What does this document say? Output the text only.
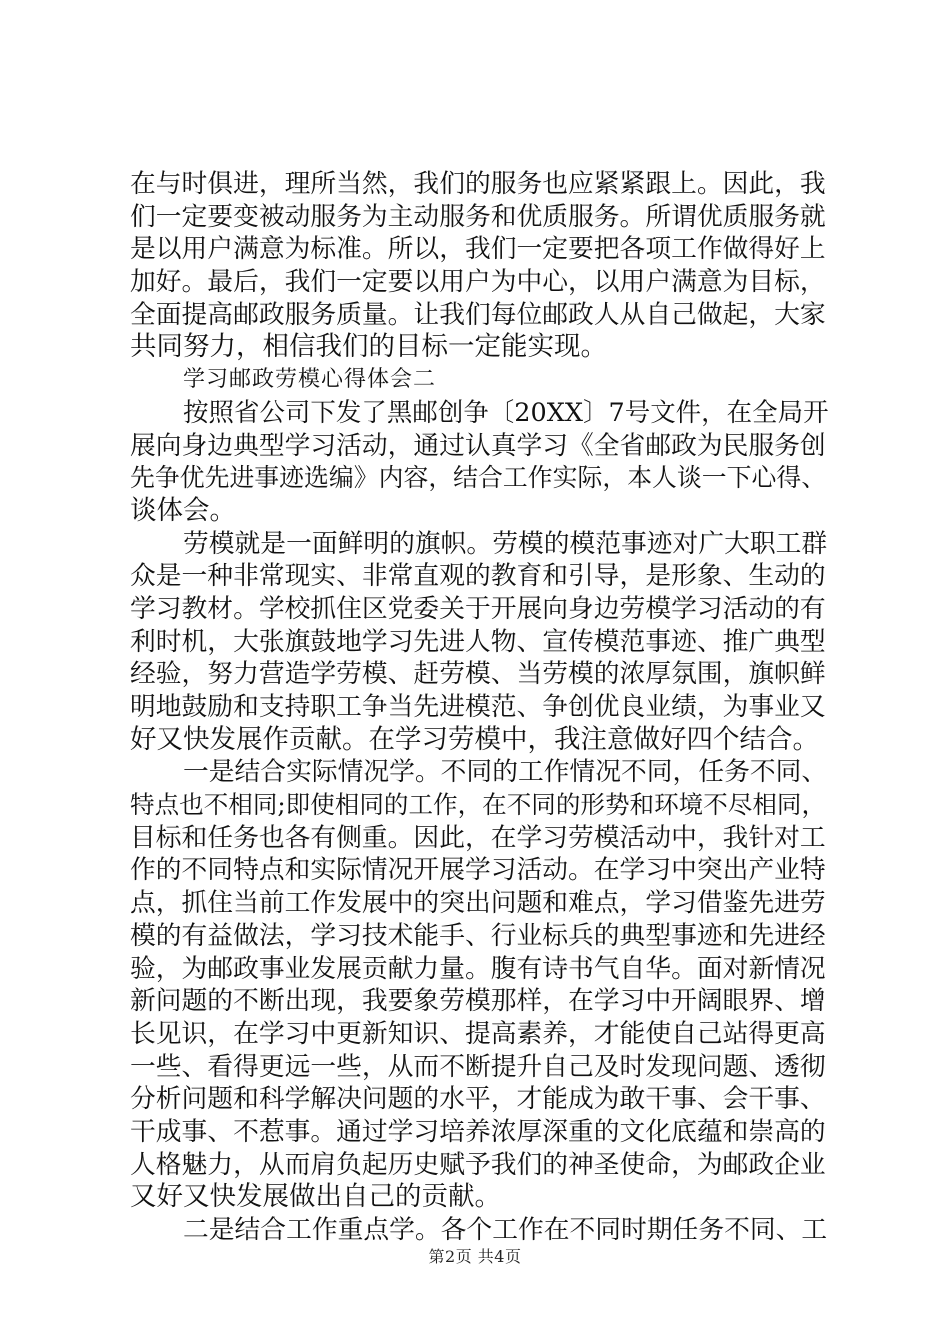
在与时俱进，理所当然，我们的服务也应紧紧跟上。因此，我
们一定要变被动服务为主动服务和优质服务。所谓优质服务就
是以用户满意为标准。所以，我们一定要把各项工作做得好上
加好。最后，我们一定要以用户为中心，以用户满意为目标，
全面提高邮政服务质量。让我们每位邮政人从自己做起，大家
共同努力，相信我们的目标一定能实现。
学习邮政劳模心得体会二
按照省公司下发了黑邮创争〔20XX〕7号文件，在全局开
展向身边典型学习活动，通过认真学习《全省邮政为民服务创
先争优先进事迹选编》内容，结合工作实际，本人谈一下心得、
谈体会。
劳模就是一面鲜明的旗帜。劳模的模范事迹对广大职工群
众是一种非常现实、非常直观的教育和引导，是形象、生动的
学习教材。学校抓住区党委关于开展向身边劳模学习活动的有
利时机，大张旗鼓地学习先进人物、宣传模范事迹、推广典型
经验，努力营造学劳模、赶劳模、当劳模的浓厚氛围，旗帜鲜
明地鼓励和支持职工争当先进模范、争创优良业绩，为事业又
好又快发展作贡献。在学习劳模中，我注意做好四个结合。
一是结合实际情况学。不同的工作情况不同，任务不同、
特点也不相同;即使相同的工作，在不同的形势和环境不尽相同，
目标和任务也各有侧重。因此，在学习劳模活动中，我针对工
作的不同特点和实际情况开展学习活动。在学习中突出产业特
点，抓住当前工作发展中的突出问题和难点，学习借鉴先进劳
模的有益做法，学习技术能手、行业标兵的典型事迹和先进经
验，为邮政事业发展贡献力量。腹有诗书气自华。面对新情况
新问题的不断出现，我要象劳模那样，在学习中开阔眼界、增
长见识，在学习中更新知识、提高素养，才能使自己站得更高
一些、看得更远一些，从而不断提升自己及时发现问题、透彻
分析问题和科学解决问题的水平，才能成为敢干事、会干事、
干成事、不惹事。通过学习培养浓厚深重的文化底蕴和崇高的
人格魅力，从而肩负起历史赋予我们的神圣使命，为邮政企业
又好又快发展做出自己的贡献。
二是结合工作重点学。各个工作在不同时期任务不同、工
第2页 共4页
